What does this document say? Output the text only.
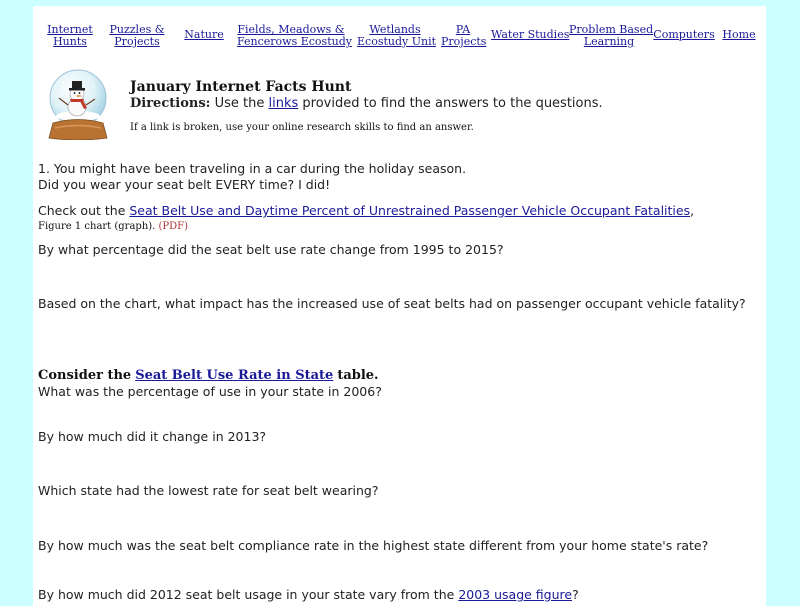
Internet
Hunts
Puzzles &
Projects
Nature Fields, Meadows &
Fencerows Ecostudy
Wetlands
Ecostudy Unit
PA
Projects
Water Studies Problem Based
Learning
Computers Home
January Internet Facts Hunt
Directions: Use the links provided to find the answers to the questions.
If a link is broken, use your online research skills to find an answer.
1. You might have been traveling in a car during the holiday season.
Did you wear your seat belt EVERY time? I did!
Check out the Seat Belt Use and Daytime Percent of Unrestrained Passenger Vehicle Occupant Fatalities,
Figure 1 chart (graph). (PDF)
By what percentage did the seat belt use rate change from 1995 to 2015?
Based on the chart, what impact has the increased use of seat belts had on passenger occupant vehicle fatality?
Consider the Seat Belt Use Rate in State table.
What was the percentage of use in your state in 2006?
By how much did it change in 2013?
Which state had the lowest rate for seat belt wearing?
By how much was the seat belt compliance rate in the highest state different from your home state's rate?
By how much did 2012 seat belt usage in your state vary from the 2003 usage figure?
